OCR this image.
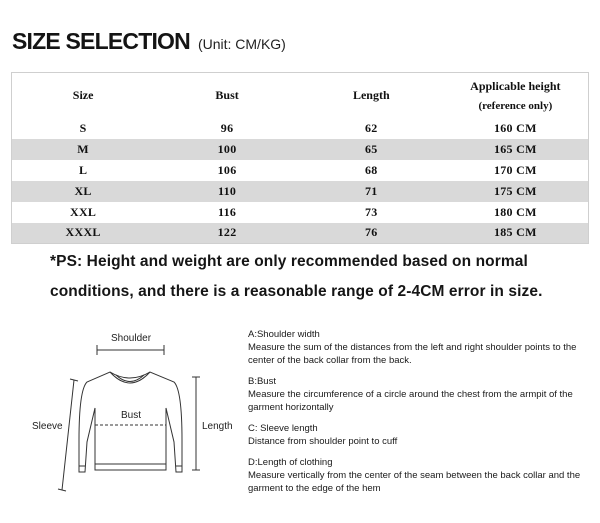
SIZE SELECTION (Unit: CM/KG)
Size	Bust	Length	Applicable height
(reference only)

S	96	62	160 CM
M	100	65	165 CM
L	106	68	170 CM
XL	110	71	175 CM
XXL	116	73	180 CM
XXXL	122	76	185 CM
*PS: Height and weight are only recommended based on normal
conditions, and there is a reasonable range of 2-4CM error in size.
Shoulder
Bust
Sleeve	Length
A:Shoulder width
Measure the sum of the distances from the left and right shoulder points to the center of the back collar from the back.
B:Bust
Measure the circumference of a circle around the chest from the armpit of the garment horizontally
C: Sleeve length
Distance from shoulder point to cuff
D:Length of clothing
Measure vertically from the center of the seam between the back collar and the garment to the edge of the hem
